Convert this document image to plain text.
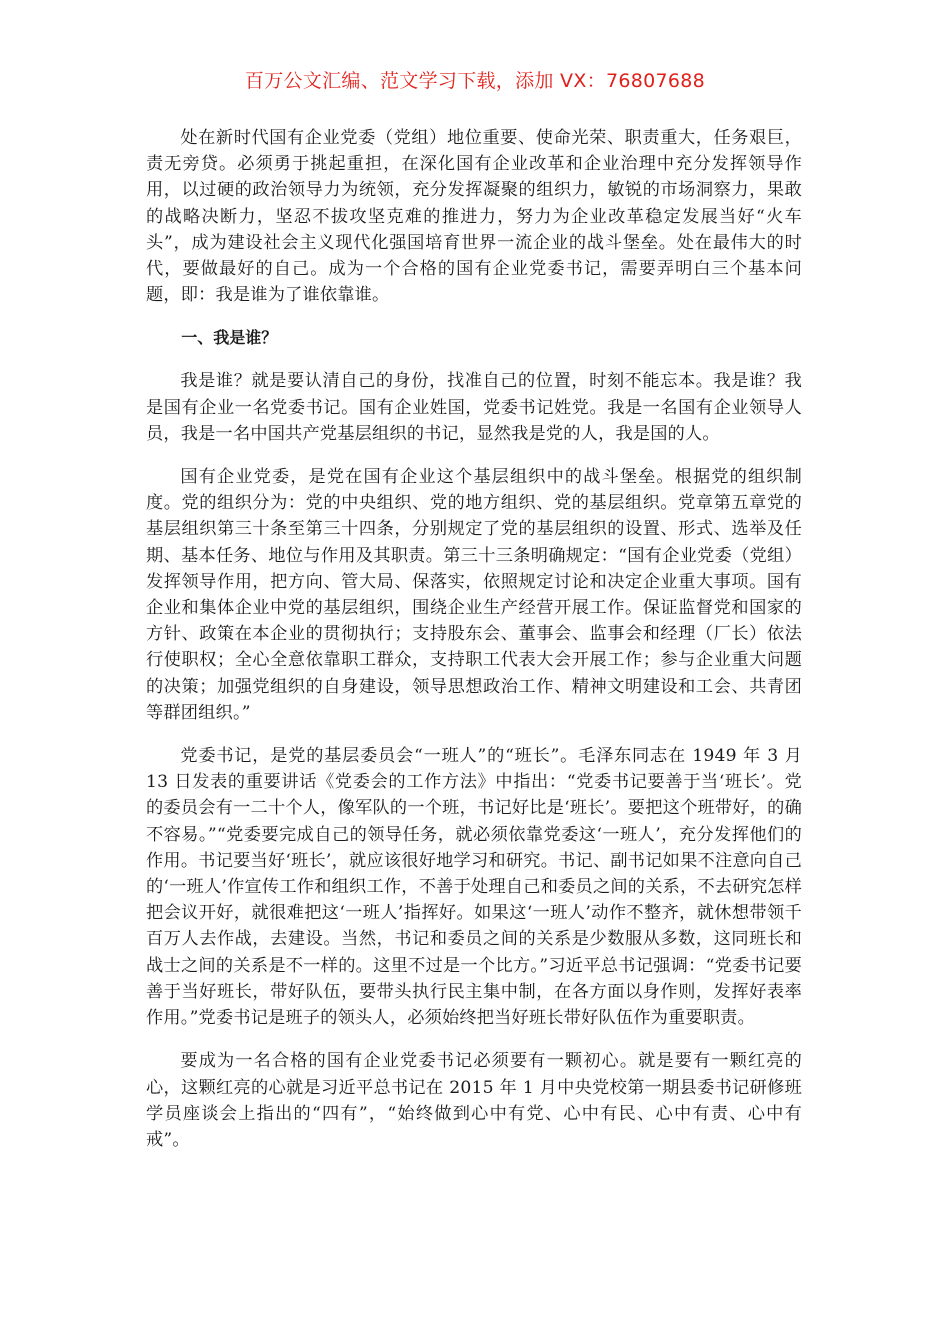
百万公文汇编、范文学习下载，添加 VX：76807688

处在新时代国有企业党委（党组）地位重要、使命光荣、职责重大，任务艰巨，责无旁贷。必须勇于挑起重担，在深化国有企业改革和企业治理中充分发挥领导作用，以过硬的政治领导力为统领，充分发挥凝聚的组织力，敏锐的市场洞察力，果敢的战略决断力，坚忍不拔攻坚克难的推进力，努力为企业改革稳定发展当好“火车头”，成为建设社会主义现代化强国培育世界一流企业的战斗堡垒。处在最伟大的时代，要做最好的自己。成为一个合格的国有企业党委书记，需要弄明白三个基本问题，即：我是谁为了谁依靠谁。

一、我是谁？

我是谁？就是要认清自己的身份，找准自己的位置，时刻不能忘本。我是谁？我是国有企业一名党委书记。国有企业姓国，党委书记姓党。我是一名国有企业领导人员，我是一名中国共产党基层组织的书记，显然我是党的人，我是国的人。

国有企业党委，是党在国有企业这个基层组织中的战斗堡垒。根据党的组织制度。党的组织分为：党的中央组织、党的地方组织、党的基层组织。党章第五章党的基层组织第三十条至第三十四条，分别规定了党的基层组织的设置、形式、选举及任期、基本任务、地位与作用及其职责。第三十三条明确规定：“国有企业党委（党组）发挥领导作用，把方向、管大局、保落实，依照规定讨论和决定企业重大事项。国有企业和集体企业中党的基层组织，围绕企业生产经营开展工作。保证监督党和国家的方针、政策在本企业的贯彻执行；支持股东会、董事会、监事会和经理（厂长）依法行使职权；全心全意依靠职工群众，支持职工代表大会开展工作；参与企业重大问题的决策；加强党组织的自身建设，领导思想政治工作、精神文明建设和工会、共青团等群团组织。”

党委书记，是党的基层委员会“一班人”的“班长”。毛泽东同志在 1949 年 3 月 13 日发表的重要讲话《党委会的工作方法》中指出：“党委书记要善于当‘班长’。党的委员会有一二十个人，像军队的一个班，书记好比是‘班长’。要把这个班带好，的确不容易。”“党委要完成自己的领导任务，就必须依靠党委这‘一班人’，充分发挥他们的作用。书记要当好‘班长’，就应该很好地学习和研究。书记、副书记如果不注意向自己的‘一班人’作宣传工作和组织工作，不善于处理自己和委员之间的关系，不去研究怎样把会议开好，就很难把这‘一班人’指挥好。如果这‘一班人’动作不整齐，就休想带领千百万人去作战，去建设。当然，书记和委员之间的关系是少数服从多数，这同班长和战士之间的关系是不一样的。这里不过是一个比方。”习近平总书记强调：“党委书记要善于当好班长，带好队伍，要带头执行民主集中制，在各方面以身作则，发挥好表率作用。”党委书记是班子的领头人，必须始终把当好班长带好队伍作为重要职责。

要成为一名合格的国有企业党委书记必须要有一颗初心。就是要有一颗红亮的心，这颗红亮的心就是习近平总书记在 2015 年 1 月中央党校第一期县委书记研修班学员座谈会上指出的“四有”，“始终做到心中有党、心中有民、心中有责、心中有戒”。
